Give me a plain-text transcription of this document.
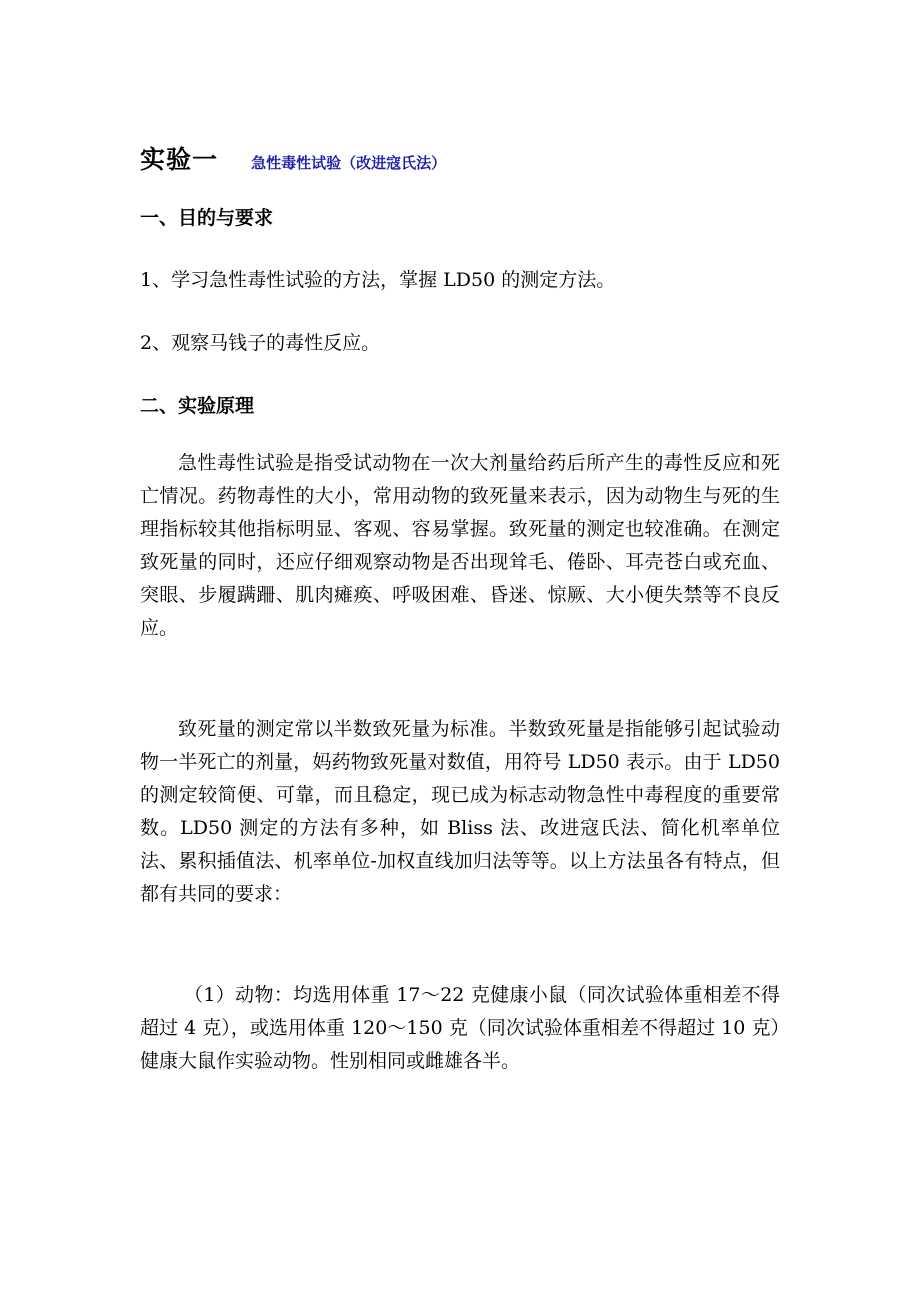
实验一 急性毒性试验（改进寇氏法）
一、目的与要求
1、学习急性毒性试验的方法，掌握 LD50 的测定方法。
2、观察马钱子的毒性反应。
二、实验原理

急性毒性试验是指受试动物在一次大剂量给药后所产生的毒性反应和死亡情况。药物毒性的大小，常用动物的致死量来表示，因为动物生与死的生理指标较其他指标明显、客观、容易掌握。致死量的测定也较准确。在测定致死量的同时，还应仔细观察动物是否出现耸毛、倦卧、耳壳苍白或充血、突眼、步履蹒跚、肌肉瘫痪、呼吸困难、昏迷、惊厥、大小便失禁等不良反应。

致死量的测定常以半数致死量为标准。半数致死量是指能够引起试验动物一半死亡的剂量，妈药物致死量对数值，用符号 LD50 表示。由于 LD50 的测定较简便、可靠，而且稳定，现已成为标志动物急性中毒程度的重要常数。LD50 测定的方法有多种，如 Bliss 法、改进寇氏法、简化机率单位法、累积插值法、机率单位-加权直线加归法等等。以上方法虽各有特点，但都有共同的要求：

（1）动物：均选用体重 17～22 克健康小鼠（同次试验体重相差不得超过 4 克），或选用体重 120～150 克（同次试验体重相差不得超过 10 克）健康大鼠作实验动物。性别相同或雌雄各半。
